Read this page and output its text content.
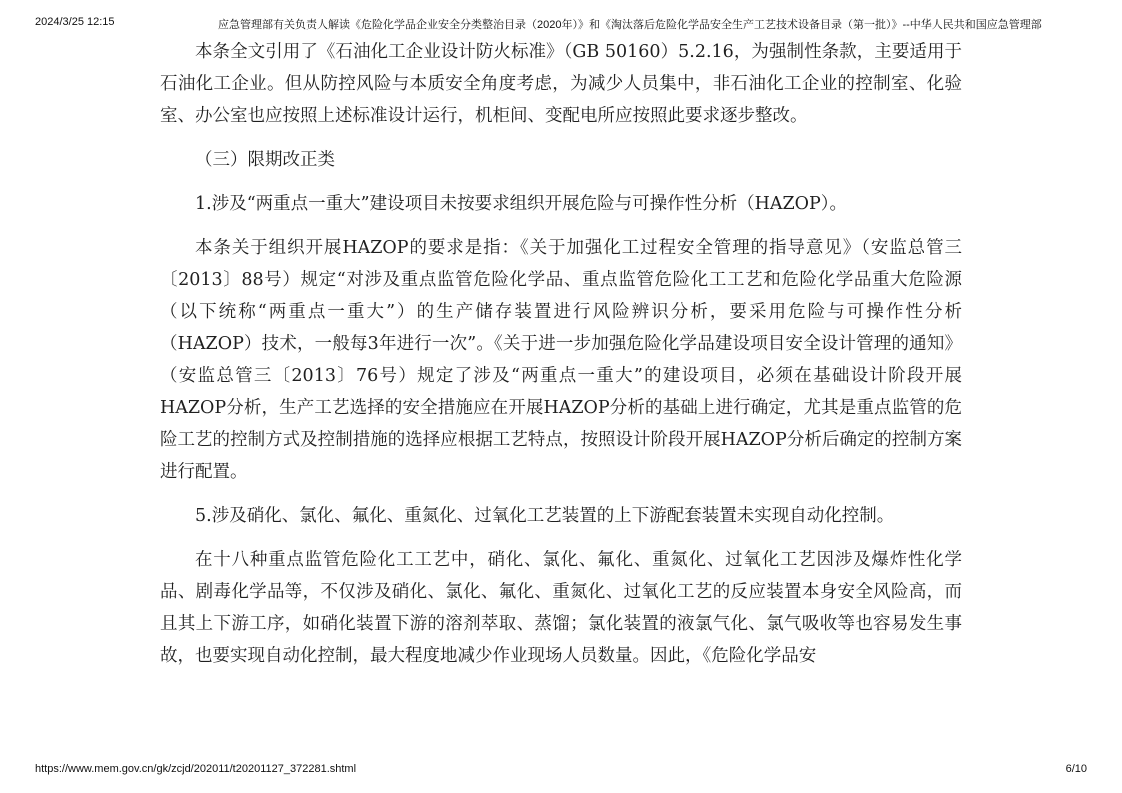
2024/3/25 12:15	应急管理部有关负责人解读《危险化学品企业安全分类整治目录（2020年）》和《淘汰落后危险化学品安全生产工艺技术设备目录（第一批）》--中华人民共和国应急管理部

本条全文引用了《石油化工企业设计防火标准》（GB 50160）5.2.16，为强制性条款，主要适用于石油化工企业。但从防控风险与本质安全角度考虑，为减少人员集中，非石油化工企业的控制室、化验室、办公室也应按照上述标准设计运行，机柜间、变配电所应按照此要求逐步整改。

（三）限期改正类

1.涉及“两重点一重大”建设项目未按要求组织开展危险与可操作性分析（HAZOP）。

本条关于组织开展HAZOP的要求是指：《关于加强化工过程安全管理的指导意见》（安监总管三〔2013〕88号）规定“对涉及重点监管危险化学品、重点监管危险化工工艺和危险化学品重大危险源（以下统称“两重点一重大”）的生产储存装置进行风险辨识分析，要采用危险与可操作性分析（HAZOP）技术，一般每3年进行一次”。《关于进一步加强危险化学品建设项目安全设计管理的通知》（安监总管三〔2013〕76号）规定了涉及“两重点一重大”的建设项目，必须在基础设计阶段开展HAZOP分析，生产工艺选择的安全措施应在开展HAZOP分析的基础上进行确定，尤其是重点监管的危险工艺的控制方式及控制措施的选择应根据工艺特点，按照设计阶段开展HAZOP分析后确定的控制方案进行配置。

5.涉及硝化、氯化、氟化、重氮化、过氧化工艺装置的上下游配套装置未实现自动化控制。

在十八种重点监管危险化工工艺中，硝化、氯化、氟化、重氮化、过氧化工艺因涉及爆炸性化学品、剧毒化学品等，不仅涉及硝化、氯化、氟化、重氮化、过氧化工艺的反应装置本身安全风险高，而且其上下游工序，如硝化装置下游的溶剂萃取、蒸馏；氯化装置的液氯气化、氯气吸收等也容易发生事故，也要实现自动化控制，最大程度地减少作业现场人员数量。因此，《危险化学品安

https://www.mem.gov.cn/gk/zcjd/202011/t20201127_372281.shtml	6/10
